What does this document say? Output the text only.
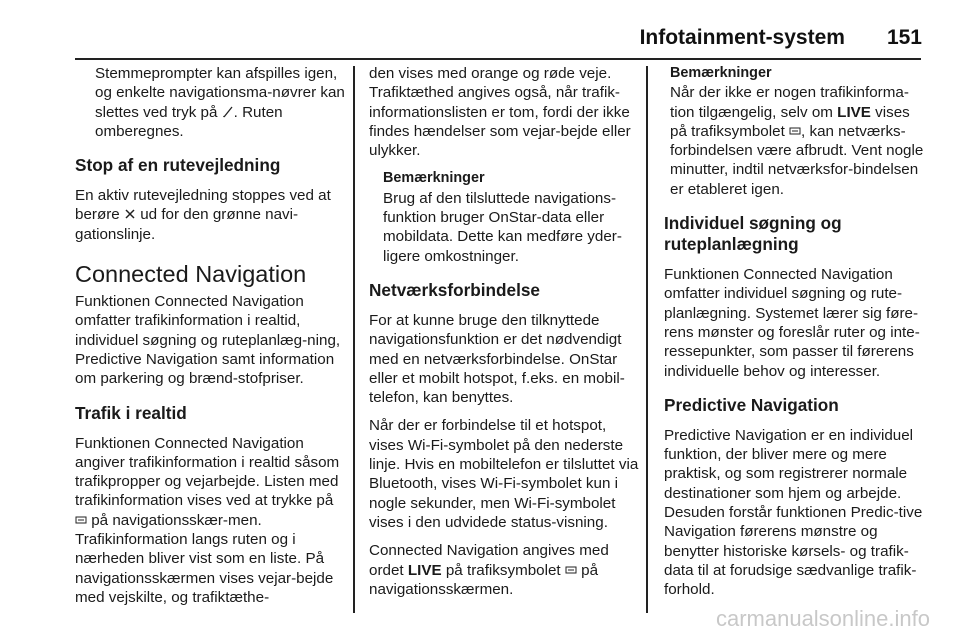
Infotainment-system 151

Stemmeprompter kan afspilles igen, og enkelte navigationsma-nøvrer kan slettes ved tryk på . Ruten omberegnes.

Stop af en rutevejledning

En aktiv rutevejledning stoppes ved at berøre ud for den grønne navi-gationslinje.

Connected Navigation

Funktionen Connected Navigation omfatter trafikinformation i realtid, individuel søgning og ruteplanlæg-ning, Predictive Navigation samt information om parkering og brænd-stofpriser.

Trafik i realtid

Funktionen Connected Navigation angiver trafikinformation i realtid såsom trafikpropper og vejarbejde. Listen med trafikinformation vises ved at trykke på  på navigationsskær-men. Trafikinformation langs ruten og i nærheden bliver vist som en liste. På navigationsskærmen vises vejar-bejde med vejskilte, og trafiktæthe-

den vises med orange og røde veje. Trafiktæthed angives også, når trafik-informationslisten er tom, fordi der ikke findes hændelser som vejar-bejde eller ulykker.

Bemærkninger
Brug af den tilsluttede navigations-funktion bruger OnStar-data eller mobildata. Dette kan medføre yder-ligere omkostninger.
Netværksforbindelse

For at kunne bruge den tilknyttede navigationsfunktion er det nødvendigt med en netværksforbindelse. OnStar eller et mobilt hotspot, f.eks. en mobil-telefon, kan benyttes.

Når der er forbindelse til et hotspot, vises Wi-Fi-symbolet på den nederste linje. Hvis en mobiltelefon er tilsluttet via Bluetooth, vises Wi-Fi-symbolet kun i nogle sekunder, men Wi-Fi-symbolet vises i den udvidede status-visning.

Connected Navigation angives med ordet LIVE på trafiksymbolet på navigationsskærmen.

Bemærkninger
Når der ikke er nogen trafikinforma-tion tilgængelig, selv om LIVE vises på trafiksymbolet , kan netværks-forbindelsen være afbrudt. Vent nogle minutter, indtil netværksfor-bindelsen er etableret igen.
Individuel søgning og ruteplanlægning

Funktionen Connected Navigation omfatter individuel søgning og rute-planlægning. Systemet lærer sig føre-rens mønster og foreslår ruter og inte-ressepunkter, som passer til førerens individuelle behov og interesser.

Predictive Navigation

Predictive Navigation er en individuel funktion, der bliver mere og mere praktisk, og som registrerer normale destinationer som hjem og arbejde. Desuden forstår funktionen Predic-tive Navigation førerens mønstre og benytter historiske kørsels- og trafik-data til at forudsige sædvanlige trafik-forhold.

carmanualsonline.info
